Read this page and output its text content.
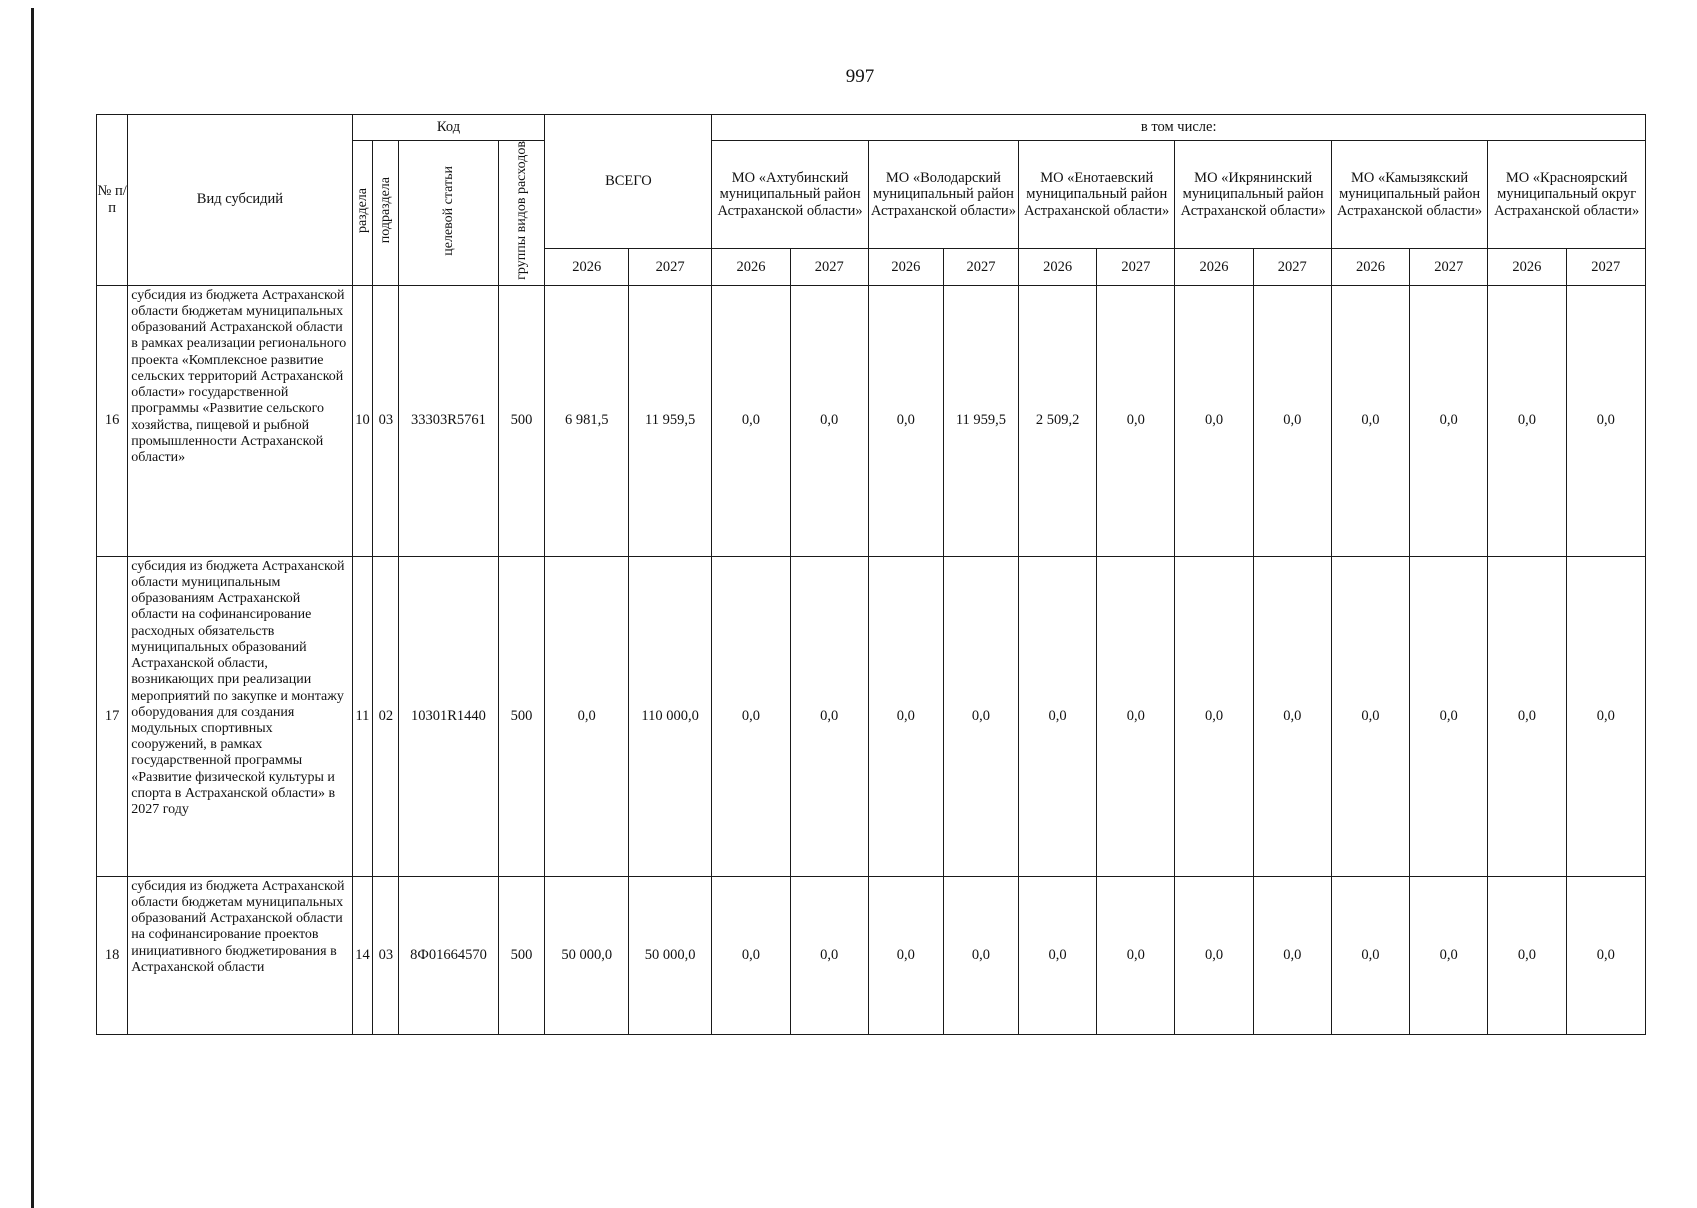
997
№ п/п	Вид субсидий	Код				ВСЕГО		в том числе:											
		раздела	подраздела	целевой статьи	группы видов расходов			МО «Ахтубинский муниципальный район Астраханской области»		МО «Володарский муниципальный район Астраханской области»		МО «Енотаевский муниципальный район Астраханской области»		МО «Икрянинский муниципальный район Астраханской области»		МО «Камызякский муниципальный район Астраханской области»		МО «Красноярский муниципальный округ Астраханской области»	
						2026	2027	2026	2027	2026	2027	2026	2027	2026	2027	2026	2027	2026	2027
16	субсидия из бюджета Астраханской области бюджетам муниципальных образований Астраханской области в рамках реализации регионального проекта «Комплексное развитие сельских территорий Астраханской области» государственной программы «Развитие сельского хозяйства, пищевой и рыбной промышленности Астраханской области»	10	03	33303R5761	500	6 981,5	11 959,5	0,0	0,0	0,0	11 959,5	2 509,2	0,0	0,0	0,0	0,0	0,0	0,0	0,0
17	субсидия из бюджета Астраханской области муниципальным образованиям Астраханской области на софинансирование расходных обязательств муниципальных образований Астраханской области, возникающих при реализации мероприятий по закупке и монтажу оборудования для создания модульных спортивных сооружений, в рамках государственной программы «Развитие физической культуры и спорта в Астраханской области» в 2027 году	11	02	10301R1440	500	0,0	110 000,0	0,0	0,0	0,0	0,0	0,0	0,0	0,0	0,0	0,0	0,0	0,0	0,0
18	субсидия из бюджета Астраханской области бюджетам муниципальных образований Астраханской области на софинансирование проектов инициативного бюджетирования в Астраханской области	14	03	8Ф01664570	500	50 000,0	50 000,0	0,0	0,0	0,0	0,0	0,0	0,0	0,0	0,0	0,0	0,0	0,0	0,0
